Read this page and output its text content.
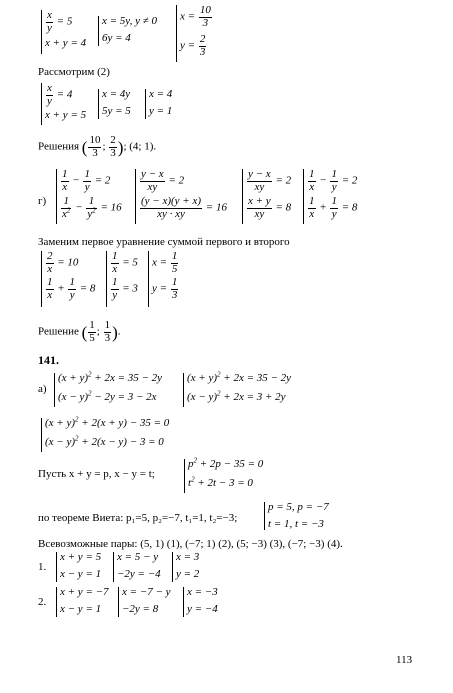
$\frac{x}{y} = 5$
x + y = 4
x = 5y, y ≠ 0
6y = 4
$x = \frac{10}{3}$
$y = \frac{2}{3}$
Рассмотрим (2)
$\frac{x}{y} = 4$
x + y = 5
x = 4y
5y = 5
x = 4
y = 1
Решения ( $\frac{10}{3}$ ; $\frac{2}{3}$ ); (4; 1).
г)
$\frac{1}{x} - \frac{1}{y} = 2$
$\frac{1}{x^2} - \frac{1}{y^2} = 16$
$\frac{y - x}{xy} = 2$
$\frac{(y - x)(y + x)}{xy \cdot xy} = 16$
$\frac{y - x}{xy} = 2$
$\frac{x + y}{xy} = 8$
$\frac{1}{x} - \frac{1}{y} = 2$
$\frac{1}{x} + \frac{1}{y} = 8$
Заменим первое уравнение суммой первого и второго
$\frac{2}{x} = 10$
$\frac{1}{x} + \frac{1}{y} = 8$
$\frac{1}{x} = 5$
$\frac{1}{y} = 3$
$x = \frac{1}{5}$
$y = \frac{1}{3}$
Решение ( $\frac{1}{5}$ ; $\frac{1}{3}$ ).
141.
а)
$(x + y)^2 + 2x = 35 - 2y$
$(x - y)^2 - 2y = 3 - 2x$
$(x + y)^2 + 2x = 35 - 2y$
$(x - y)^2 + 2x = 3 + 2y$
$(x + y)^2 + 2(x + y) - 35 = 0$
$(x - y)^2 + 2(x - y) - 3 = 0$
Пусть x + y = p, x − y = t;
$p^2 + 2p - 35 = 0$
$t^2 + 2t - 3 = 0$
по теореме Виета: p₁=5, p₂=−7, t₁=1, t₂=−3;
p = 5, p = −7
t = 1, t = −3
Всевозможные пары: (5, 1) (1), (−7; 1) (2), (5; −3) (3), (−7; −3) (4).
1.
x + y = 5
x − y = 1
x = 5 − y
−2y = −4
x = 3
y = 2
2.
x + y = −7
x − y = 1
x = −7 − y
−2y = 8
x = −3
y = −4
113
